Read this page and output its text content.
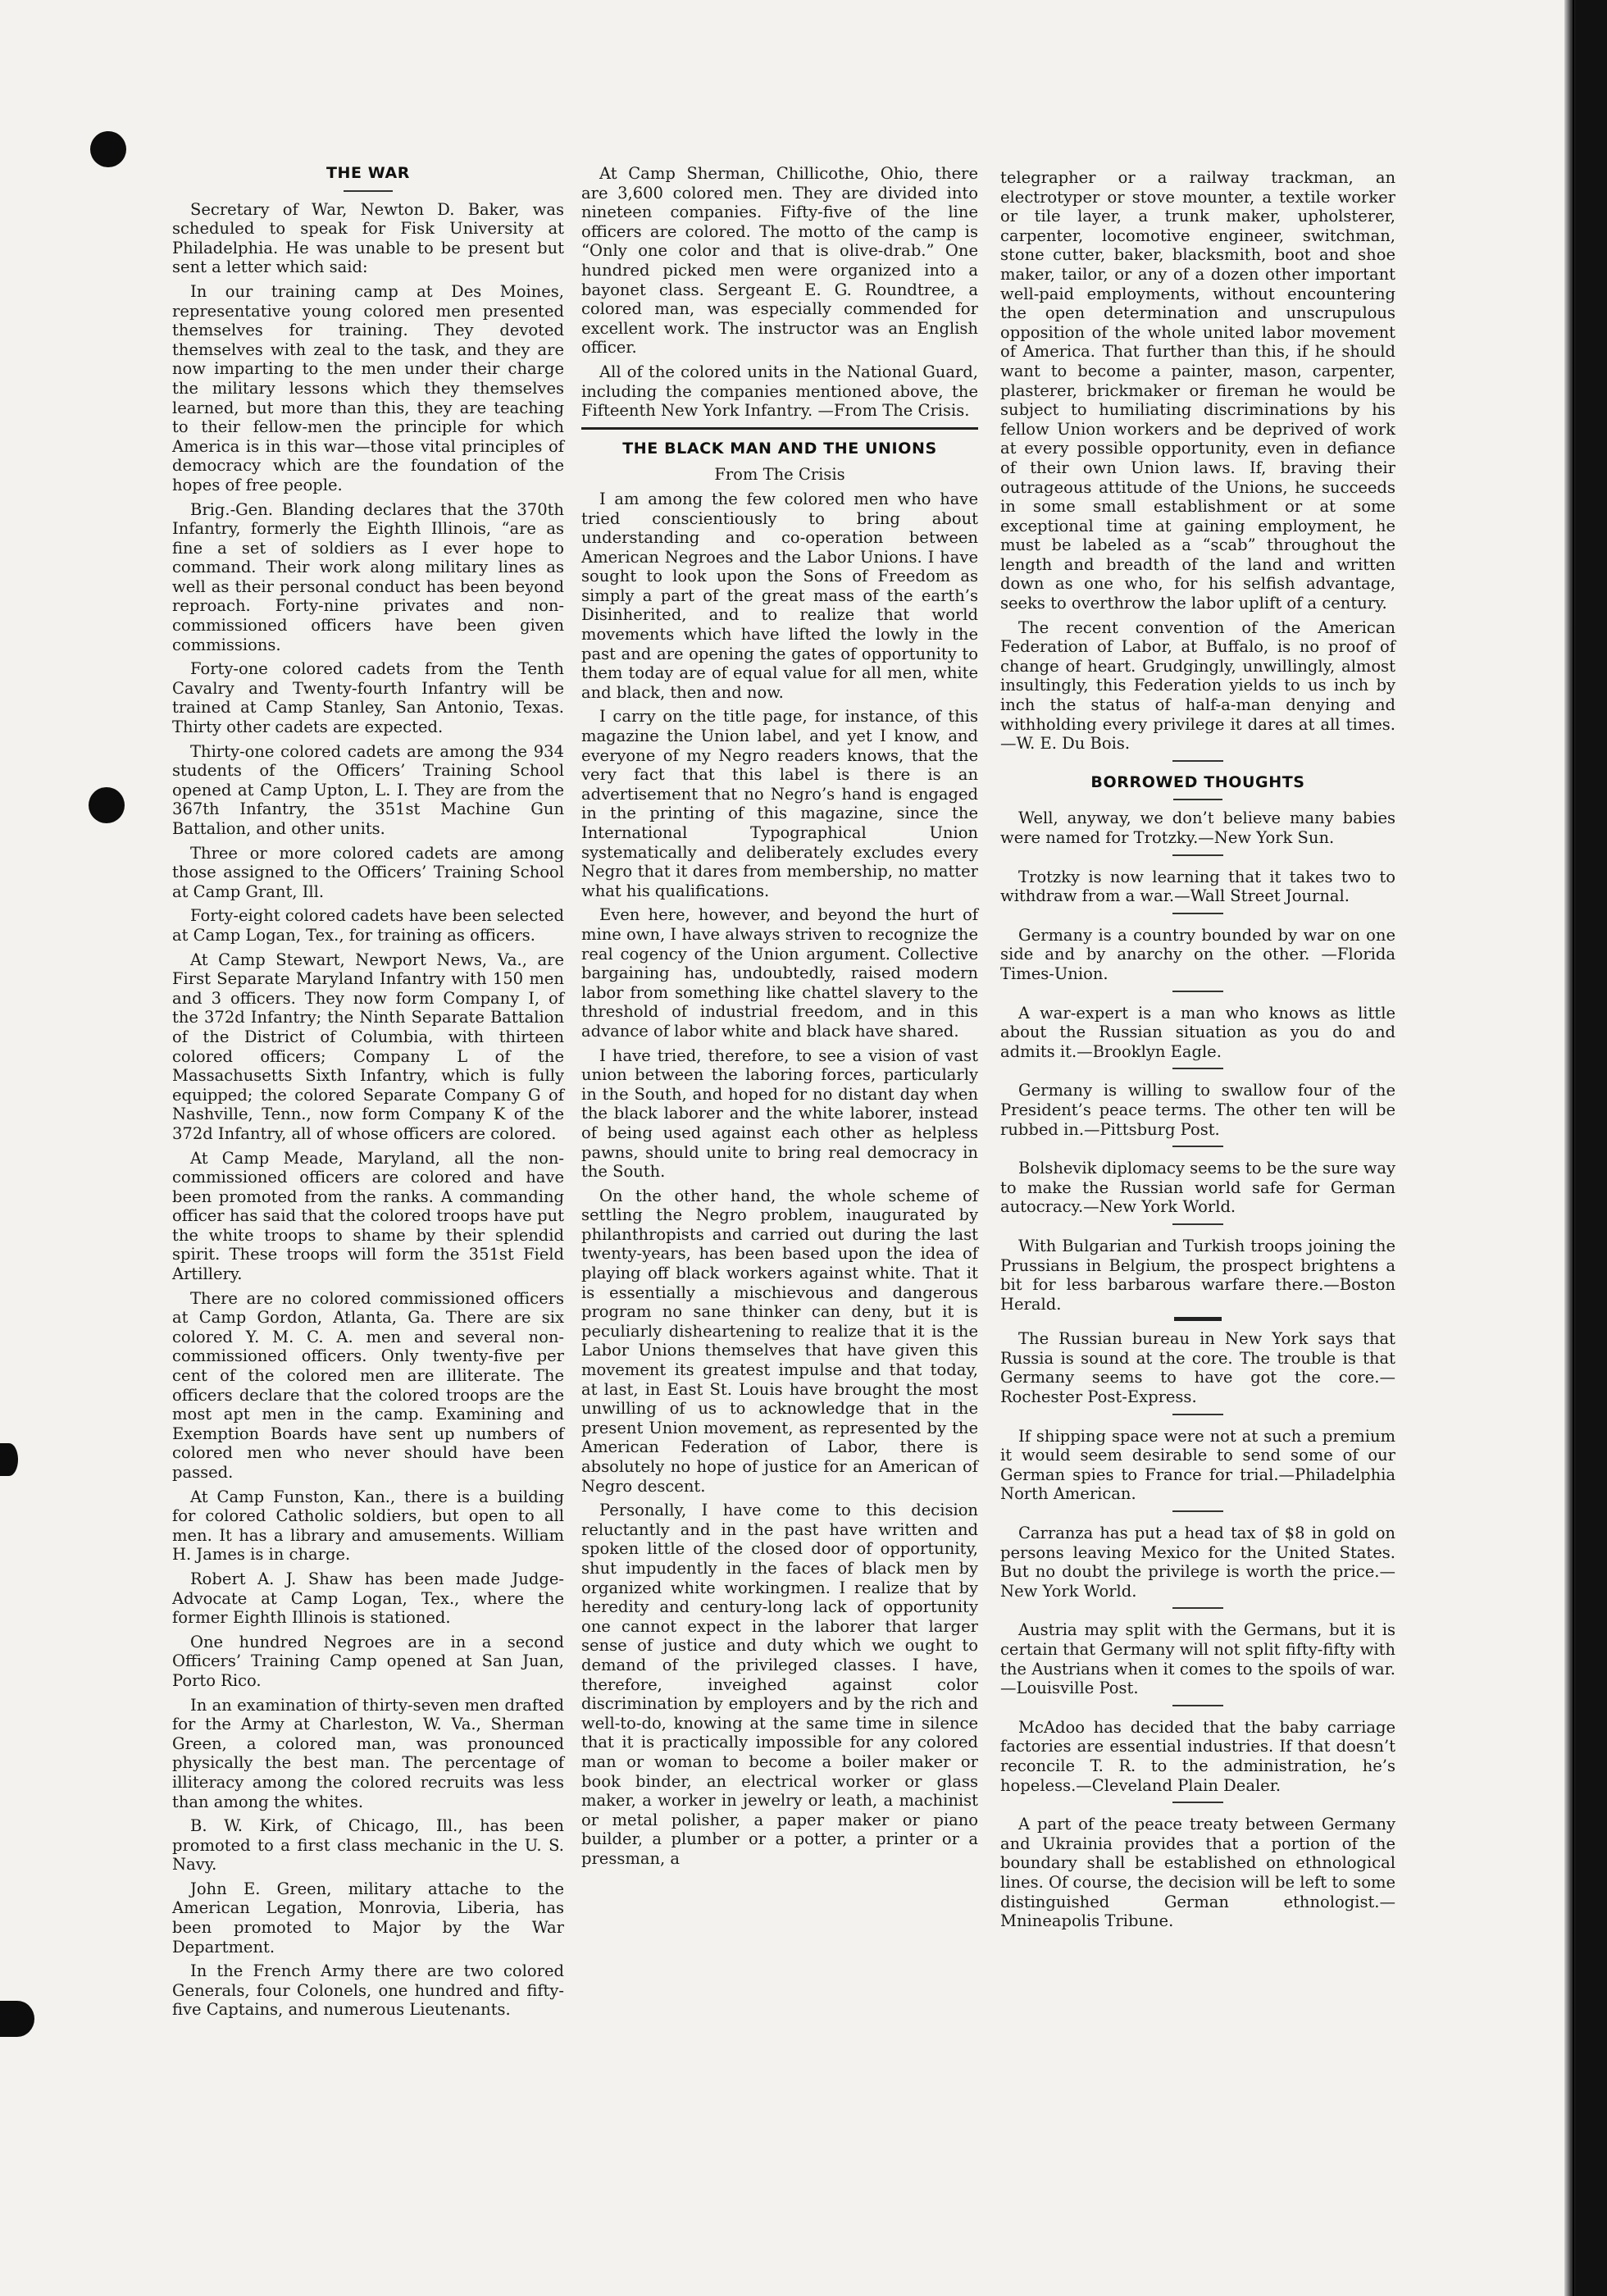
THE WAR

Secretary of War, Newton D. Baker, was scheduled to speak for Fisk University at Philadelphia. He was unable to be present but sent a letter which said:

In our training camp at Des Moines, representative young colored men presented themselves for training. They devoted themselves with zeal to the task, and they are now imparting to the men under their charge the military lessons which they themselves learned, but more than this, they are teaching to their fellow-men the principle for which America is in this war—those vital principles of democracy which are the foundation of the hopes of free people.

Brig.-Gen. Blanding declares that the 370th Infantry, formerly the Eighth Illinois, “are as fine a set of soldiers as I ever hope to command. Their work along military lines as well as their personal conduct has been beyond reproach. Forty-nine privates and non-commissioned officers have been given commissions.

Forty-one colored cadets from the Tenth Cavalry and Twenty-fourth Infantry will be trained at Camp Stanley, San Antonio, Texas. Thirty other cadets are expected.

Thirty-one colored cadets are among the 934 students of the Officers’ Training School opened at Camp Upton, L. I. They are from the 367th Infantry, the 351st Machine Gun Battalion, and other units.

Three or more colored cadets are among those assigned to the Officers’ Training School at Camp Grant, Ill.

Forty-eight colored cadets have been selected at Camp Logan, Tex., for training as officers.

At Camp Stewart, Newport News, Va., are First Separate Maryland Infantry with 150 men and 3 officers. They now form Company I, of the 372d Infantry; the Ninth Separate Battalion of the District of Columbia, with thirteen colored officers; Company L of the Massachusetts Sixth Infantry, which is fully equipped; the colored Separate Company G of Nashville, Tenn., now form Company K of the 372d Infantry, all of whose officers are colored.

At Camp Meade, Maryland, all the non-commissioned officers are colored and have been promoted from the ranks. A commanding officer has said that the colored troops have put the white troops to shame by their splendid spirit. These troops will form the 351st Field Artillery.

There are no colored commissioned officers at Camp Gordon, Atlanta, Ga. There are six colored Y. M. C. A. men and several non-commissioned officers. Only twenty-five per cent of the colored men are illiterate. The officers declare that the colored troops are the most apt men in the camp. Examining and Exemption Boards have sent up numbers of colored men who never should have been passed.

At Camp Funston, Kan., there is a building for colored Catholic soldiers, but open to all men. It has a library and amusements. William H. James is in charge.

Robert A. J. Shaw has been made Judge-Advocate at Camp Logan, Tex., where the former Eighth Illinois is stationed.

One hundred Negroes are in a second Officers’ Training Camp opened at San Juan, Porto Rico.

In an examination of thirty-seven men drafted for the Army at Charleston, W. Va., Sherman Green, a colored man, was pronounced physically the best man. The percentage of illiteracy among the colored recruits was less than among the whites.

B. W. Kirk, of Chicago, Ill., has been promoted to a first class mechanic in the U. S. Navy.

John E. Green, military attache to the American Legation, Monrovia, Liberia, has been promoted to Major by the War Department.

In the French Army there are two colored Generals, four Colonels, one hundred and fifty-five Captains, and numerous Lieutenants.

At Camp Sherman, Chillicothe, Ohio, there are 3,600 colored men. They are divided into nineteen companies. Fifty-five of the line officers are colored. The motto of the camp is “Only one color and that is olive-drab.” One hundred picked men were organized into a bayonet class. Sergeant E. G. Roundtree, a colored man, was especially commended for excellent work. The instructor was an English officer.

All of the colored units in the National Guard, including the companies mentioned above, the Fifteenth New York Infantry. —From The Crisis.

THE BLACK MAN AND THE UNIONS
From The Crisis

I am among the few colored men who have tried conscientiously to bring about understanding and co-operation between American Negroes and the Labor Unions. I have sought to look upon the Sons of Freedom as simply a part of the great mass of the earth’s Disinherited, and to realize that world movements which have lifted the lowly in the past and are opening the gates of opportunity to them today are of equal value for all men, white and black, then and now.

I carry on the title page, for instance, of this magazine the Union label, and yet I know, and everyone of my Negro readers knows, that the very fact that this label is there is an advertisement that no Negro’s hand is engaged in the printing of this magazine, since the International Typographical Union systematically and deliberately excludes every Negro that it dares from membership, no matter what his qualifications.

Even here, however, and beyond the hurt of mine own, I have always striven to recognize the real cogency of the Union argument. Collective bargaining has, undoubtedly, raised modern labor from something like chattel slavery to the threshold of industrial freedom, and in this advance of labor white and black have shared.

I have tried, therefore, to see a vision of vast union between the laboring forces, particularly in the South, and hoped for no distant day when the black laborer and the white laborer, instead of being used against each other as helpless pawns, should unite to bring real democracy in the South.

On the other hand, the whole scheme of settling the Negro problem, inaugurated by philanthropists and carried out during the last twenty-years, has been based upon the idea of playing off black workers against white. That it is essentially a mischievous and dangerous program no sane thinker can deny, but it is peculiarly disheartening to realize that it is the Labor Unions themselves that have given this movement its greatest impulse and that today, at last, in East St. Louis have brought the most unwilling of us to acknowledge that in the present Union movement, as represented by the American Federation of Labor, there is absolutely no hope of justice for an American of Negro descent.

Personally, I have come to this decision reluctantly and in the past have written and spoken little of the closed door of opportunity, shut impudently in the faces of black men by organized white workingmen. I realize that by heredity and century-long lack of opportunity one cannot expect in the laborer that larger sense of justice and duty which we ought to demand of the privileged classes. I have, therefore, inveighed against color discrimination by employers and by the rich and well-to-do, knowing at the same time in silence that it is practically impossible for any colored man or woman to become a boiler maker or book binder, an electrical worker or glass maker, a worker in jewelry or leath, a machinist or metal polisher, a paper maker or piano builder, a plumber or a potter, a printer or a pressman, a

telegrapher or a railway trackman, an electrotyper or stove mounter, a textile worker or tile layer, a trunk maker, upholsterer, carpenter, locomotive engineer, switchman, stone cutter, baker, blacksmith, boot and shoe maker, tailor, or any of a dozen other important well-paid employments, without encountering the open determination and unscrupulous opposition of the whole united labor movement of America. That further than this, if he should want to become a painter, mason, carpenter, plasterer, brickmaker or fireman he would be subject to humiliating discriminations by his fellow Union workers and be deprived of work at every possible opportunity, even in defiance of their own Union laws. If, braving their outrageous attitude of the Unions, he succeeds in some small establishment or at some exceptional time at gaining employment, he must be labeled as a “scab” throughout the length and breadth of the land and written down as one who, for his selfish advantage, seeks to overthrow the labor uplift of a century.

The recent convention of the American Federation of Labor, at Buffalo, is no proof of change of heart. Grudgingly, unwillingly, almost insultingly, this Federation yields to us inch by inch the status of half-a-man denying and withholding every privilege it dares at all times.—W. E. Du Bois.

BORROWED THOUGHTS

Well, anyway, we don’t believe many babies were named for Trotzky.—New York Sun.

Trotzky is now learning that it takes two to withdraw from a war.—Wall Street Journal.

Germany is a country bounded by war on one side and by anarchy on the other. —Florida Times-Union.

A war-expert is a man who knows as little about the Russian situation as you do and admits it.—Brooklyn Eagle.

Germany is willing to swallow four of the President’s peace terms. The other ten will be rubbed in.—Pittsburg Post.

Bolshevik diplomacy seems to be the sure way to make the Russian world safe for German autocracy.—New York World.

With Bulgarian and Turkish troops joining the Prussians in Belgium, the prospect brightens a bit for less barbarous warfare there.—Boston Herald.

The Russian bureau in New York says that Russia is sound at the core. The trouble is that Germany seems to have got the core.—Rochester Post-Express.

If shipping space were not at such a premium it would seem desirable to send some of our German spies to France for trial.—Philadelphia North American.

Carranza has put a head tax of $8 in gold on persons leaving Mexico for the United States. But no doubt the privilege is worth the price.—New York World.

Austria may split with the Germans, but it is certain that Germany will not split fifty-fifty with the Austrians when it comes to the spoils of war.—Louisville Post.

McAdoo has decided that the baby carriage factories are essential industries. If that doesn’t reconcile T. R. to the administration, he’s hopeless.—Cleveland Plain Dealer.

A part of the peace treaty between Germany and Ukrainia provides that a portion of the boundary shall be established on ethnological lines. Of course, the decision will be left to some distinguished German ethnologist.—Mnineapolis Tribune.
